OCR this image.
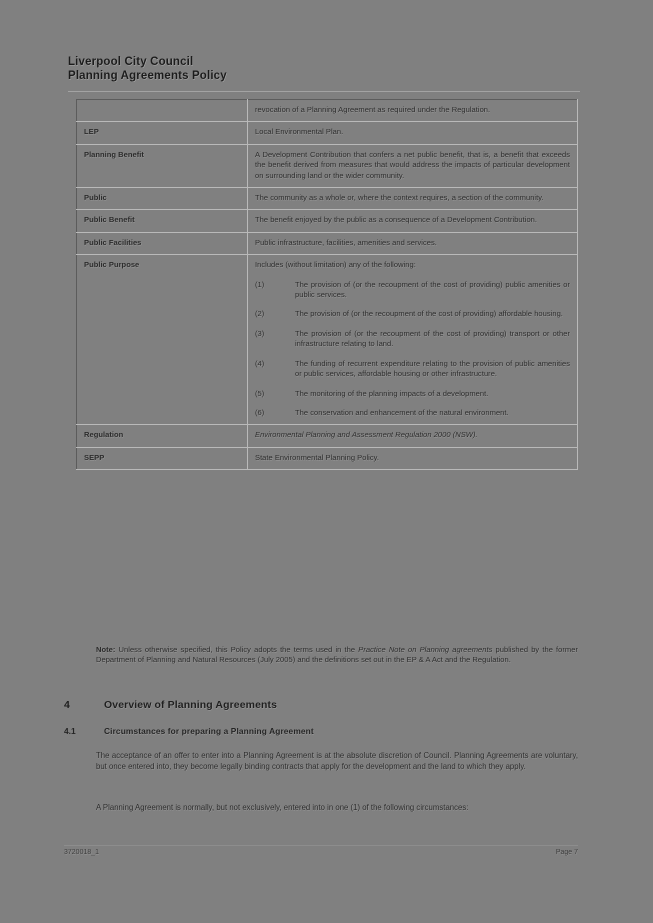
Liverpool City Council
Planning Agreements Policy
	revocation of a Planning Agreement as required under the Regulation.
LEP	Local Environmental Plan.
Planning Benefit	A Development Contribution that confers a net public benefit, that is, a benefit that exceeds the benefit derived from measures that would address the impacts of particular development on surrounding land or the wider community.
Public	The community as a whole or, where the context requires, a section of the community.
Public Benefit	The benefit enjoyed by the public as a consequence of a Development Contribution.
Public Facilities	Public infrastructure, facilities, amenities and services.
Public Purpose	Includes (without limitation) any of the following:
(1)	The provision of (or the recoupment of the cost of providing) public amenities or public services.
(2)	The provision of (or the recoupment of the cost of providing) affordable housing.
(3)	The provision of (or the recoupment of the cost of providing) transport or other infrastructure relating to land.
(4)	The funding of recurrent expenditure relating to the provision of public amenities or public services, affordable housing or other infrastructure.
(5)	The monitoring of the planning impacts of a development.
(6)	The conservation and enhancement of the natural environment.

Regulation	Environmental Planning and Assessment Regulation 2000 (NSW).
SEPP	State Environmental Planning Policy.
Note: Unless otherwise specified, this Policy adopts the terms used in the Practice Note on Planning agreements published by the former Department of Planning and Natural Resources (July 2005) and the definitions set out in the EP & A Act and the Regulation.
4	Overview of Planning Agreements
4.1	Circumstances for preparing a Planning Agreement
The acceptance of an offer to enter into a Planning Agreement is at the absolute discretion of Council. Planning Agreements are voluntary, but once entered into, they become legally binding contracts that apply for the development and the land to which they apply.
A Planning Agreement is normally, but not exclusively, entered into in one (1) of the following circumstances:
3720018_1	Page 7
